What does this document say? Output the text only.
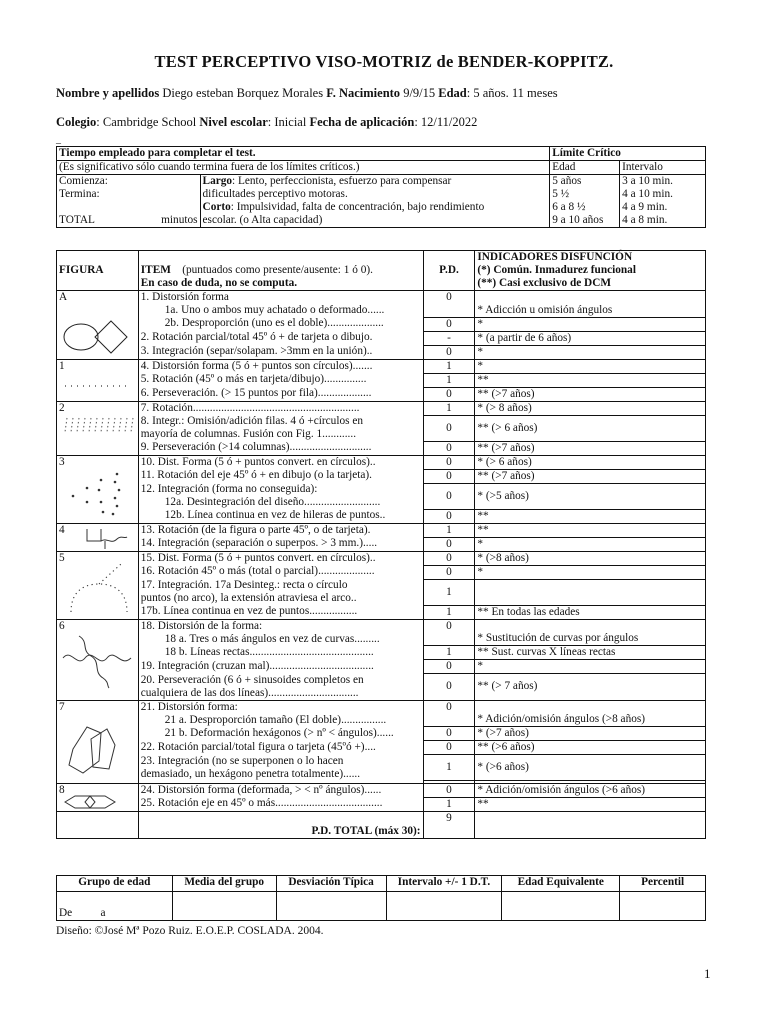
TEST PERCEPTIVO VISO-MOTRIZ de BENDER-KOPPITZ.
Nombre y apellidos Diego esteban Borquez Morales F. Nacimiento 9/9/15 Edad: 5 años. 11 meses
Colegio: Cambridge School Nivel escolar: Inicial Fecha de aplicación: 12/11/2022
_
Tiempo empleado para completar el test.		Límite Crítico	
(Es significativo sólo cuando termina fuera de los límites críticos.)		Edad	Intervalo
Comienza:	Largo: Lento, perfeccionista, esfuerzo para compensar	5 años	3 a 10 min.
Termina:	dificultades perceptivo motoras.	5 ½	4 a 10 min.
	Corto: Impulsividad, falta de concentración, bajo rendimiento	6 a 8 ½	4 a 9 min.
TOTAL minutos	escolar. (o Alta capacidad)	9 a 10 años	4 a 8 min.
FIGURA	ITEM (puntuados como presente/ausente: 1 ó 0).
En caso de duda, no se computa.	P.D.	INDICADORES DISFUNCIÓN
			(*) Común. Inmadurez funcional
			(**) Casi exclusivo de DCM
A	1. Distorsión forma	0	* Adicción u omisión ángulos
	1a. Uno o ambos muy achatado o deformado......		
	2b. Desproporción (uno es el doble)....................	0	*
	2. Rotación parcial/total 45º ó + de tarjeta o dibujo.	-	* (a partir de 6 años)
	3. Integración (separ/solapam. >3mm en la unión)..	0	*
1	4. Distorsión forma (5 ó + puntos son círculos).......	1	*
	5. Rotación (45º o más en tarjeta/dibujo)...............	1	**
	6. Perseveración. (> 15 puntos por fila)...................	0	** (>7 años)
2	7. Rotación...........................................................	1	* (> 8 años)
	8. Integr.: Omisión/adición filas. 4 ó +círculos en	0	** (> 6 años)
	mayoría de columnas. Fusión con Fig. 1............		
	9. Perseveración (>14 columnas).............................	0	** (>7 años)
3	10. Dist. Forma (5 ó + puntos convert. en círculos)..	0	* (> 6 años)
	11. Rotación del eje 45º ó + en dibujo (o la tarjeta).	0	** (>7 años)
	12. Integración (forma no conseguida):	0	* (>5 años)
	12a. Desintegración del diseño...........................		
	12b. Línea continua en vez de hileras de puntos..	0	**
4	13. Rotación (de la figura o parte 45º, o de tarjeta).	1	**
	14. Integración (separación o superpos. > 3 mm.).....	0	*
5	15. Dist. Forma (5 ó + puntos convert. en círculos)..	0	* (>8 años)
	16. Rotación 45º o más (total o parcial)....................	0	*
	17. Integración. 17a Desinteg.: recta o círculo	1	
	puntos (no arco), la extensión atraviesa el arco..		
	17b. Línea continua en vez de puntos.................	1	** En todas las edades
6	18. Distorsión de la forma:	0	* Sustitución de curvas por ángulos
	18 a. Tres o más ángulos en vez de curvas.........		
	18 b. Líneas rectas............................................	1	** Sust. curvas X líneas rectas
	19. Integración (cruzan mal).....................................	0	*
	20. Perseveración (6 ó + sinusoides completos en	0	** (> 7 años)
	cualquiera de las dos líneas)................................		
7	21. Distorsión forma:	0	* Adición/omisión ángulos (>8 años)
	21 a. Desproporción tamaño (El doble)................		
	21 b. Deformación hexágonos (> nº < ángulos)......	0	* (>7 años)
	22. Rotación parcial/total figura o tarjeta (45ºó +)....	0	** (>6 años)
	23. Integración (no se superponen o lo hacen	1	* (>6 años)
	demasiado, un hexágono penetra totalmente)......		

8	24. Distorsión forma (deformada, > < nº ángulos)......	0	* Adición/omisión ángulos (>6 años)
	25. Rotación eje en 45º o más......................................	1	**
	P.D. TOTAL (máx 30):	9	
Grupo de edad	Media del grupo	Desviación Típica	Intervalo +/- 1 D.T.	Edad Equivalente	Percentil
De a					
Diseño: ©José Mª Pozo Ruiz. E.O.E.P. COSLADA. 2004.
1
